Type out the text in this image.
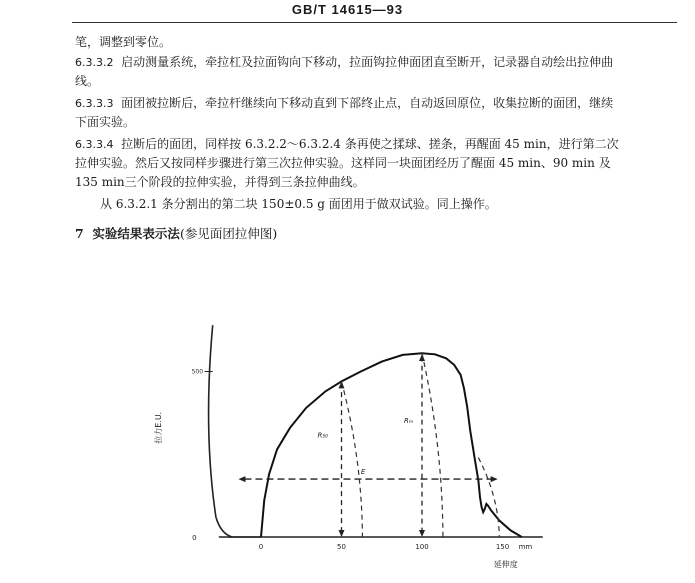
GB/T 14615—93
笔，调整到零位。
6.3.3.2 启动测量系统，牵拉杠及拉面钩向下移动，拉面钩拉伸面团直至断开，记录器自动绘出拉伸曲
线。
6.3.3.3 面团被拉断后，牵拉杆继续向下移动直到下部终止点，自动返回原位，收集拉断的面团，继续
下面实验。
6.3.3.4 拉断后的面团，同样按 6.3.2.2～6.3.2.4 条再使之揉球、搓条，再醒面 45 min，进行第二次
拉伸实验。然后又按同样步骤进行第三次拉伸实验。这样同一块面团经历了醒面 45 min、90 min 及
135 min三个阶段的拉伸实验，并得到三条拉伸曲线。
从 6.3.2.1 条分割出的第二块 150±0.5 g 面团用于做双试验。同上操作。
7 实验结果表示法(参见面团拉伸图)
500
0
拉力E.U.
0	50	100	150 mm
延伸度
R₅₀
Rₘ
E
